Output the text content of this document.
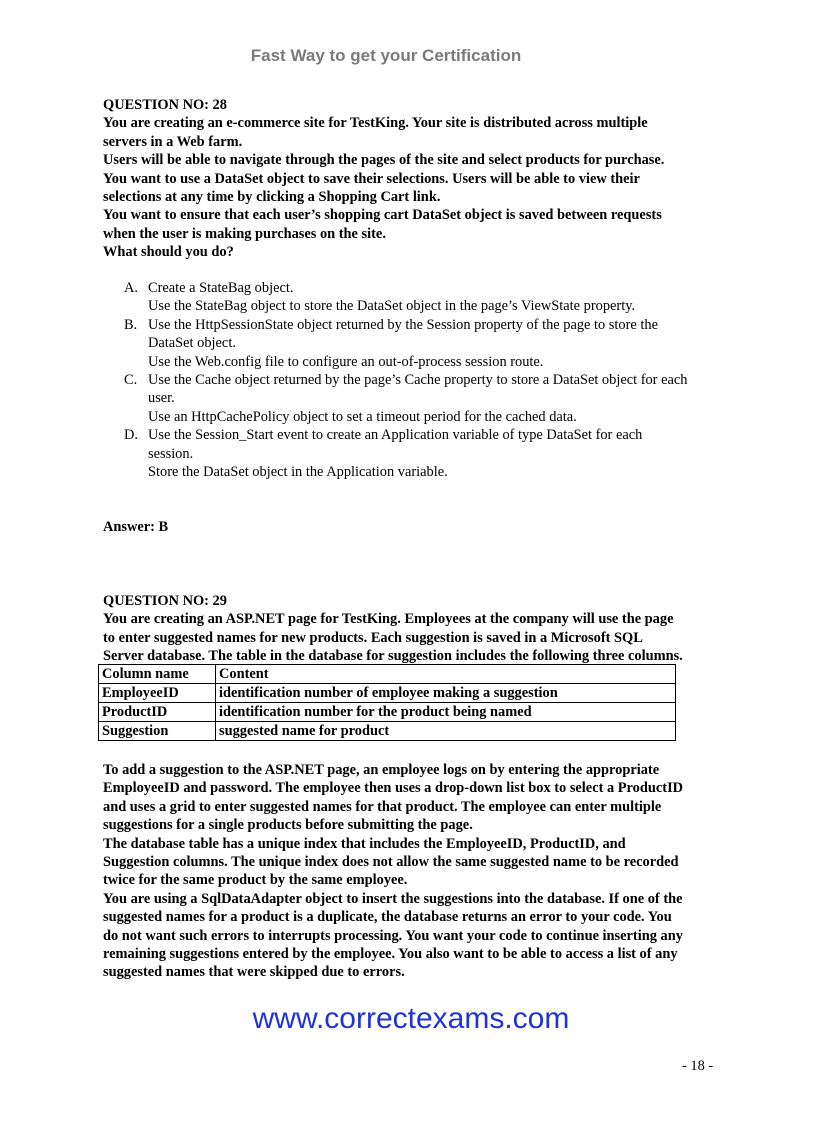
Fast Way to get your Certification
QUESTION NO: 28
You are creating an e-commerce site for TestKing. Your site is distributed across multiple
servers in a Web farm.
Users will be able to navigate through the pages of the site and select products for purchase.
You want to use a DataSet object to save their selections. Users will be able to view their
selections at any time by clicking a Shopping Cart link.
You want to ensure that each user’s shopping cart DataSet object is saved between requests
when the user is making purchases on the site.
What should you do?
A. Create a StateBag object.
Use the StateBag object to store the DataSet object in the page’s ViewState property.
B. Use the HttpSessionState object returned by the Session property of the page to store the
DataSet object.
Use the Web.config file to configure an out-of-process session route.
C. Use the Cache object returned by the page’s Cache property to store a DataSet object for each
user.
Use an HttpCachePolicy object to set a timeout period for the cached data.
D. Use the Session_Start event to create an Application variable of type DataSet for each
session.
Store the DataSet object in the Application variable.
Answer: B
QUESTION NO: 29
You are creating an ASP.NET page for TestKing. Employees at the company will use the page
to enter suggested names for new products. Each suggestion is saved in a Microsoft SQL
Server database. The table in the database for suggestion includes the following three columns.
Column name	Content
EmployeeID	identification number of employee making a suggestion
ProductID	identification number for the product being named
Suggestion	suggested name for product
To add a suggestion to the ASP.NET page, an employee logs on by entering the appropriate
EmployeeID and password. The employee then uses a drop-down list box to select a ProductID
and uses a grid to enter suggested names for that product. The employee can enter multiple
suggestions for a single products before submitting the page.
The database table has a unique index that includes the EmployeeID, ProductID, and
Suggestion columns. The unique index does not allow the same suggested name to be recorded
twice for the same product by the same employee.
You are using a SqlDataAdapter object to insert the suggestions into the database. If one of the
suggested names for a product is a duplicate, the database returns an error to your code. You
do not want such errors to interrupts processing. You want your code to continue inserting any
remaining suggestions entered by the employee. You also want to be able to access a list of any
suggested names that were skipped due to errors.
www.correctexams.com
- 18 -
